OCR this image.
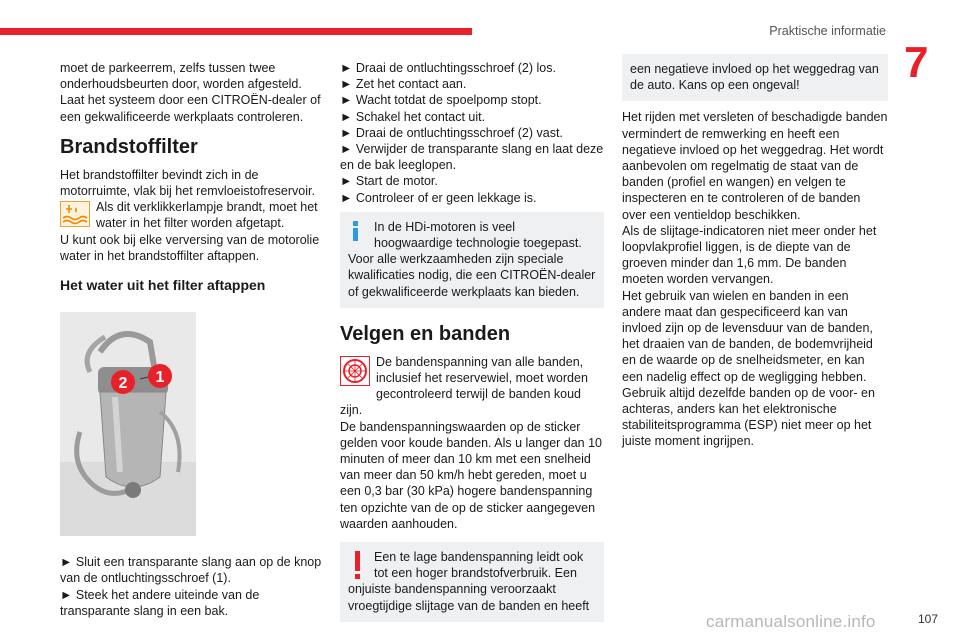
Praktische informatie
7

moet de parkeerrem, zelfs tussen twee onderhoudsbeurten door, worden afgesteld. Laat het systeem door een CITROËN-dealer of een gekwalificeerde werkplaats controleren.

Brandstoffilter

Het brandstoffilter bevindt zich in de motorruimte, vlak bij het remvloeistofreservoir.

Als dit verklikkerlampje brandt, moet het water in het filter worden afgetapt.

U kunt ook bij elke verversing van de motorolie water in het brandstoffilter aftappen.

Het water uit het filter aftappen
1
2

► Sluit een transparante slang aan op de knop van de ontluchtingsschroef (1).

► Steek het andere uiteinde van de transparante slang in een bak.

► Draai de ontluchtingsschroef (2) los.

► Zet het contact aan.

► Wacht totdat de spoelpomp stopt.

► Schakel het contact uit.

► Draai de ontluchtingsschroef (2) vast.

► Verwijder de transparante slang en laat deze en de bak leeglopen.

► Start de motor.

► Controleer of er geen lekkage is.

In de HDi-motoren is veel hoogwaardige technologie toegepast. Voor alle werkzaamheden zijn speciale kwalificaties nodig, die een CITROËN-dealer of gekwalificeerde werkplaats kan bieden.

Velgen en banden

De bandenspanning van alle banden, inclusief het reservewiel, moet worden gecontroleerd terwijl de banden koud zijn.

De bandenspanningswaarden op de sticker gelden voor koude banden. Als u langer dan 10 minuten of meer dan 10 km met een snelheid van meer dan 50 km/h hebt gereden, moet u een 0,3 bar (30 kPa) hogere bandenspanning ten opzichte van de op de sticker aangegeven waarden aanhouden.

Een te lage bandenspanning leidt ook tot een hoger brandstofverbruik. Een onjuiste bandenspanning veroorzaakt vroegtijdige slijtage van de banden en heeft

een negatieve invloed op het weggedrag van de auto. Kans op een ongeval!

Het rijden met versleten of beschadigde banden vermindert de remwerking en heeft een negatieve invloed op het weggedrag. Het wordt aanbevolen om regelmatig de staat van de banden (profiel en wangen) en velgen te inspecteren en te controleren of de banden over een ventieldop beschikken.

Als de slijtage-indicatoren niet meer onder het loopvlakprofiel liggen, is de diepte van de groeven minder dan 1,6 mm. De banden moeten worden vervangen.

Het gebruik van wielen en banden in een andere maat dan gespecificeerd kan van invloed zijn op de levensduur van de banden, het draaien van de banden, de bodemvrijheid en de waarde op de snelheidsmeter, en kan een nadelig effect op de wegligging hebben.

Gebruik altijd dezelfde banden op de voor- en achteras, anders kan het elektronische stabiliteitsprogramma (ESP) niet meer op het juiste moment ingrijpen.

carmanualsonline.info	107
